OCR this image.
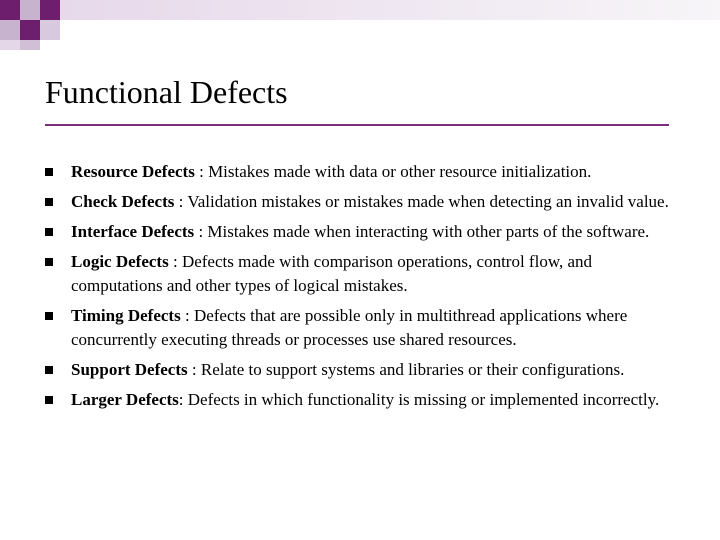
Functional Defects
Resource Defects : Mistakes made with data or other resource initialization.
Check Defects : Validation mistakes or mistakes made when detecting an invalid value.
Interface Defects : Mistakes made when interacting with other parts of the software.
Logic Defects : Defects made with comparison operations, control flow, and computations and other types of logical mistakes.
Timing Defects : Defects that are possible only in multithread applications where concurrently executing threads or processes use shared resources.
Support Defects : Relate to support systems and libraries or their configurations.
Larger Defects: Defects in which functionality is missing or implemented incorrectly.
